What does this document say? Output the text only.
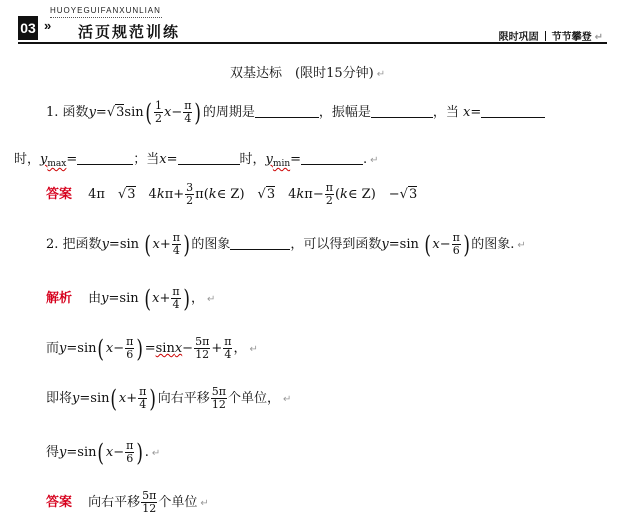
03 »
HUOYEGUIFANXUNLIAN
活页规范训练	限时巩固 节节攀登 ↵
双基达标　(限时15分钟) ↵
1. 函数$y=√3\sin( \frac{1}{2} x- \frac{\pi}{4}$ )的周期是	，振幅是	，当 x=
时，$y_{max}=$	；当x=	时，$y_{min}=$	. ↵
答案 4π　√3　$4k\pi+ \frac{3}{2}$ π(k∈ Z)　√3　$4k\pi- \frac{\pi}{2}$ (k∈ Z)　−√3
2. 把函数y=sin ($x+ \frac{\pi}{4}$ )的图象	，可以得到函数y=sin ($x- \frac{\pi}{6}$ )的图象. ↵
解析 由y=sin ($x+ \frac{\pi}{4}$ )， ↵
而$y=\sin(x- \frac{\pi}{6} )=\sin x- \frac{5\pi}{12} + \frac{\pi}{4}$ ， ↵
即将$y=\sin(x+ \frac{\pi}{4}$ )向右平移 $\frac{5\pi}{12}$ 个单位， ↵
得$y=\sin(x- \frac{\pi}{6}$ ). ↵
答案 向右平移 $\frac{5\pi}{12}$ 个单位 ↵
